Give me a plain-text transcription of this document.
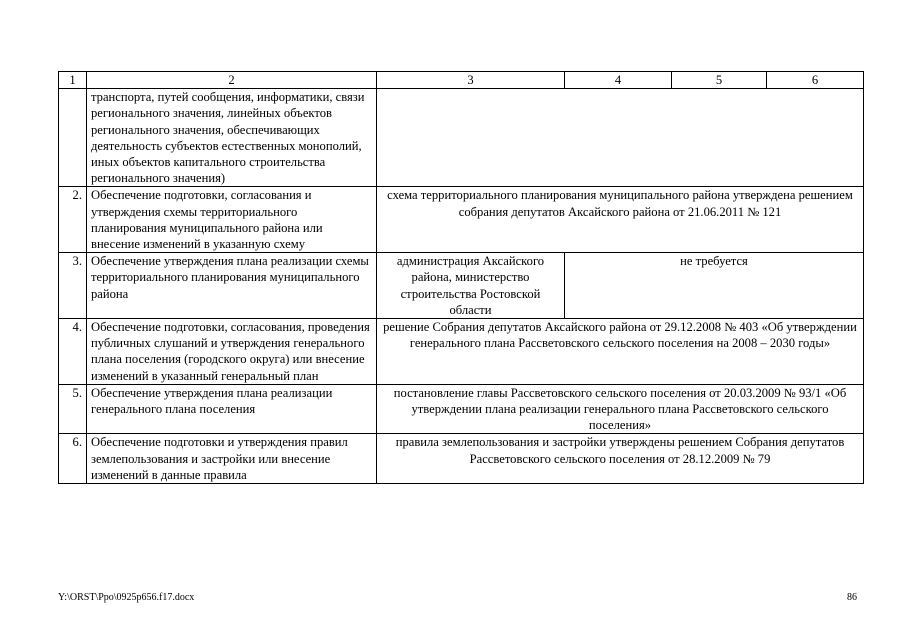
1	2	3	4	5	6
	транспорта, путей сообщения, информатики, связи регионального значения, линейных объектов регионального значения, обеспечивающих деятельность субъектов естественных монополий, иных объектов капитального строительства регионального значения)				
2.	Обеспечение подготовки, согласования и утверждения схемы территориального планирования муниципального района или внесение изменений в указанную схему	схема территориального планирования муниципального района утверждена решением собрания депутатов Аксайского района от 21.06.2011 № 121			
3.	Обеспечение утверждения плана реализации схемы территориального планирования муниципального района	администрация Аксайского района, министерство строительства Ростовской области	не требуется		
4.	Обеспечение подготовки, согласования, проведения публичных слушаний и утверждения генерального плана поселения (городского округа) или внесение изменений в указанный генеральный план	решение Собрания депутатов Аксайского района от 29.12.2008 № 403 «Об утверждении генерального плана Рассветовского сельского поселения на 2008 – 2030 годы»			
5.	Обеспечение утверждения плана реализации генерального плана поселения	постановление главы Рассветовского сельского поселения от 20.03.2009 № 93/1 «Об утверждении плана реализации генерального плана Рассветовского сельского поселения»			
6.	Обеспечение подготовки и утверждения правил землепользования и застройки или внесение изменений в данные правила	правила землепользования и застройки утверждены решением Собрания депутатов Рассветовского сельского поселения от 28.12.2009 № 79			
Y:\ORST\Ppo\0925p656.f17.docx	86
